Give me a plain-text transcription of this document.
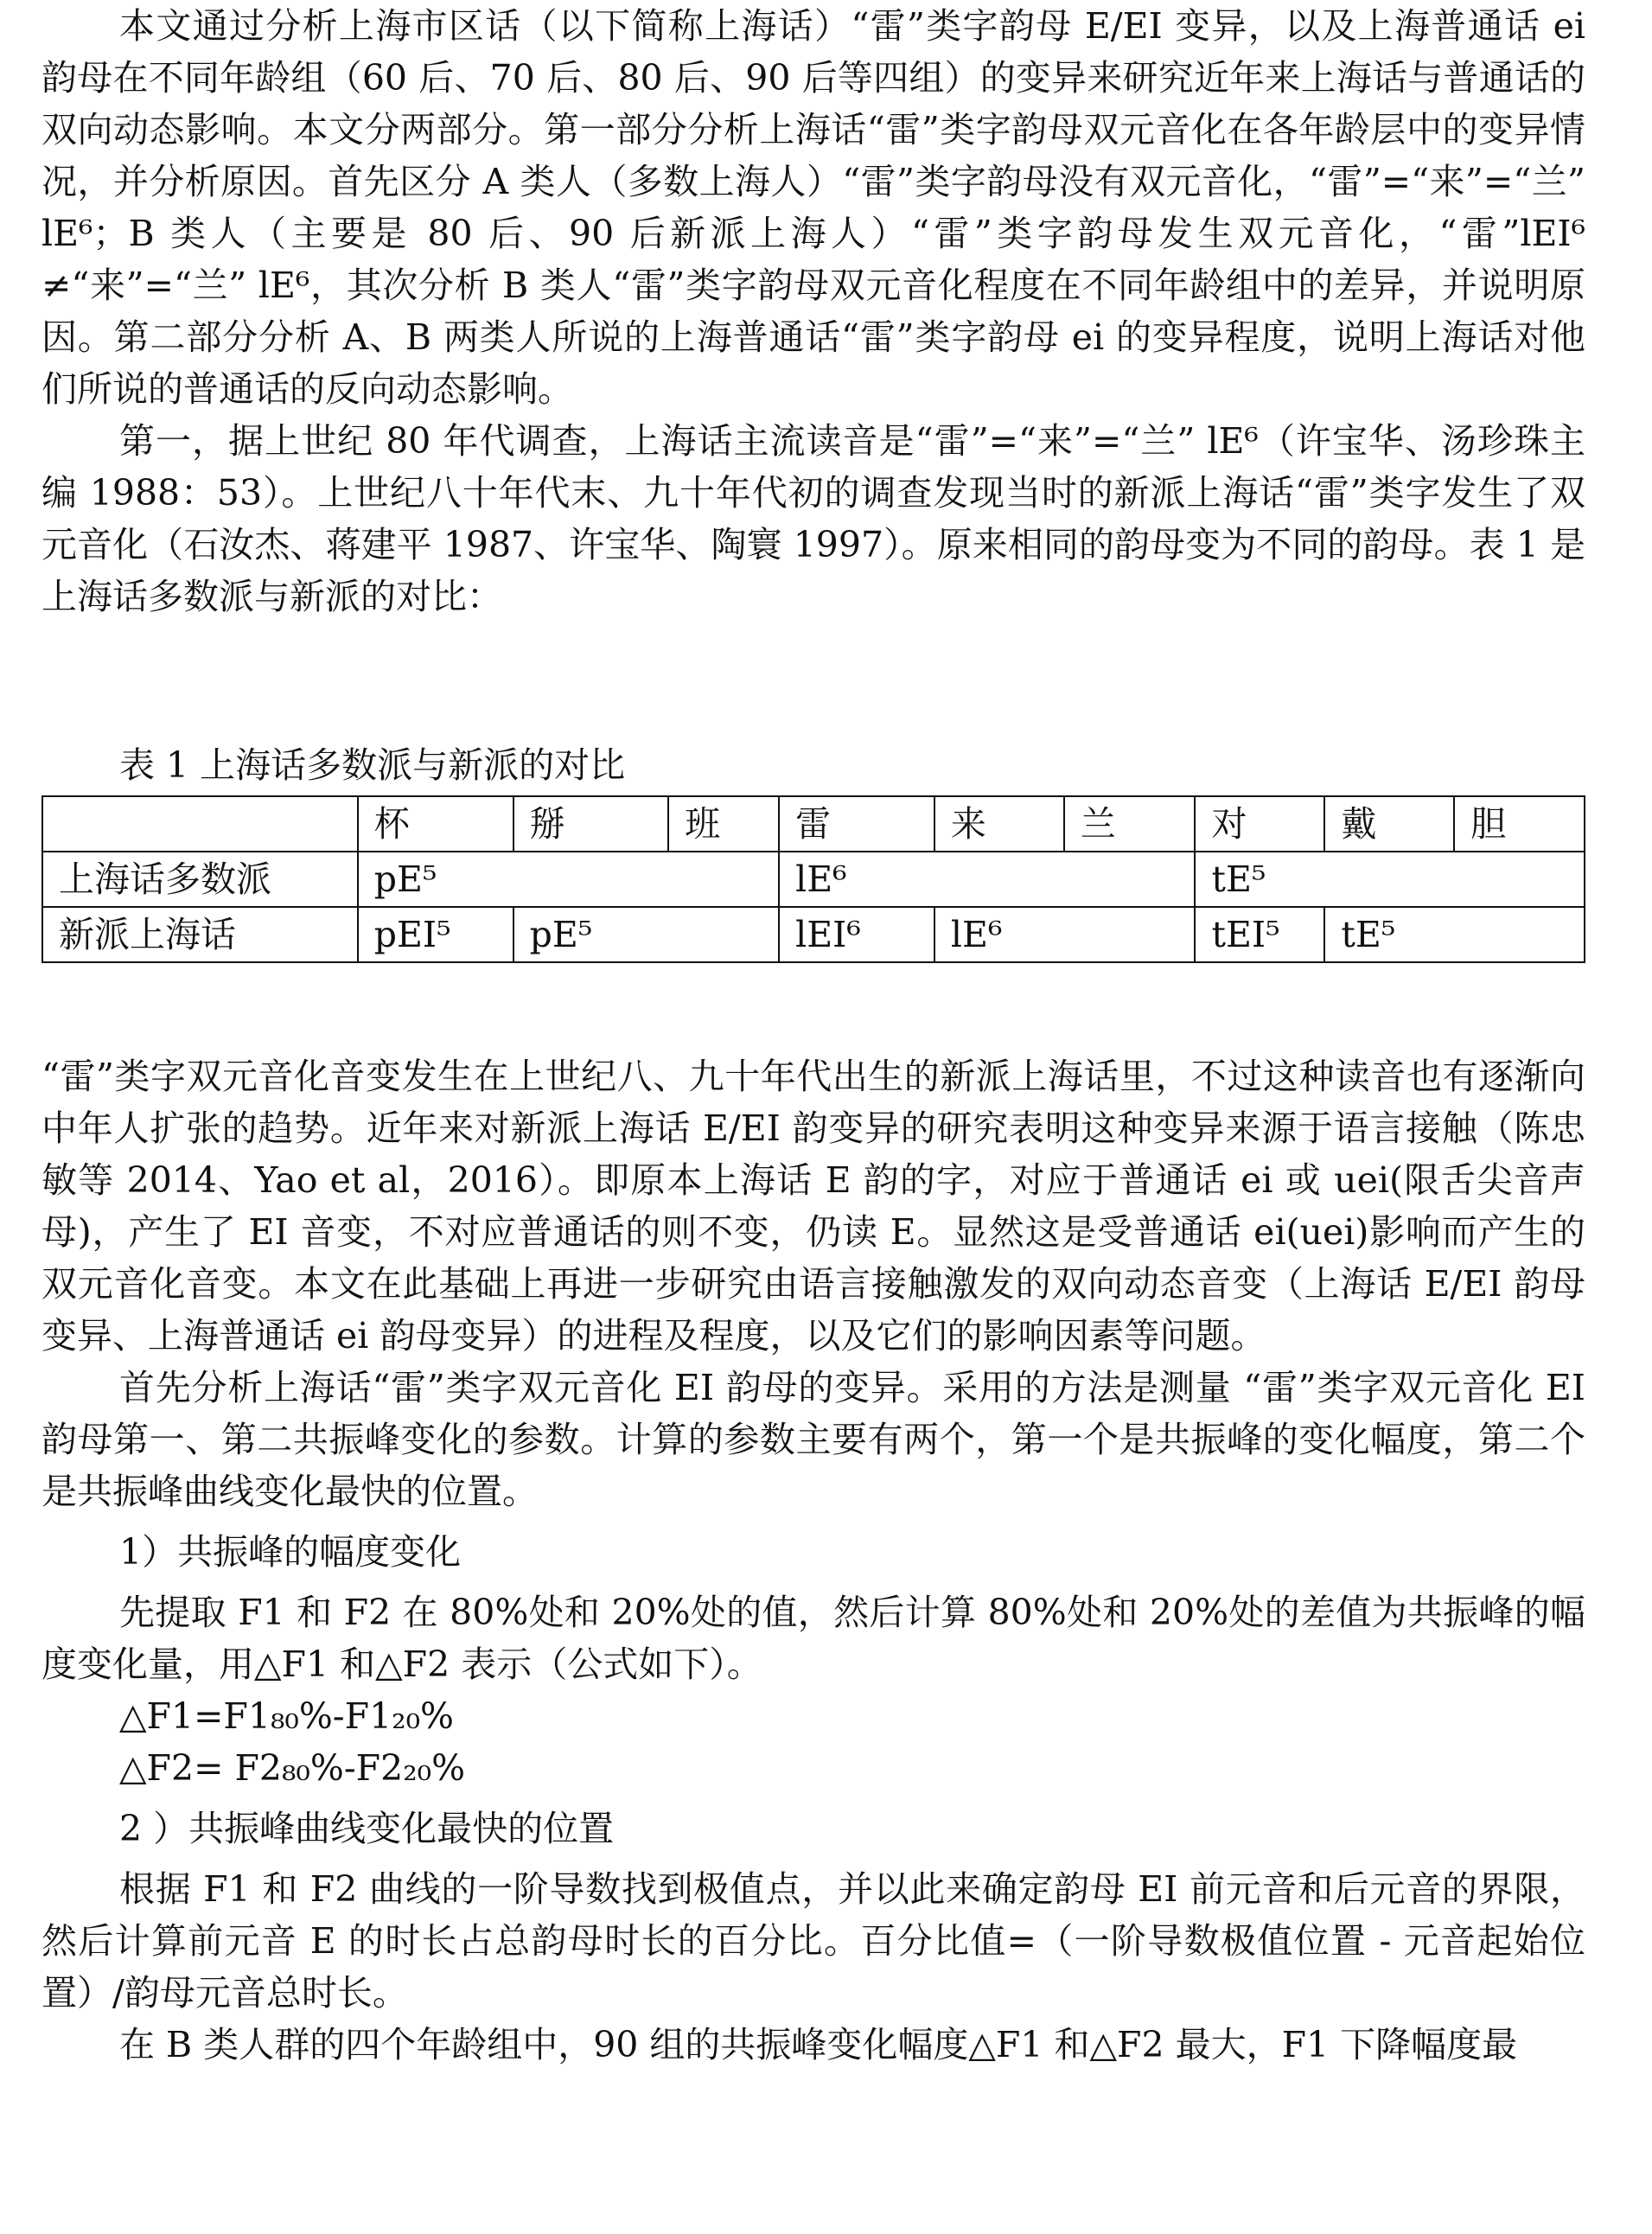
本文通过分析上海市区话（以下简称上海话）“雷”类字韵母 E/EI 变异，以及上海普通话 ei 韵母在不同年龄组（60 后、70 后、80 后、90 后等四组）的变异来研究近年来上海话与普通话的双向动态影响。本文分两部分。第一部分分析上海话“雷”类字韵母双元音化在各年龄层中的变异情况，并分析原因。首先区分 A 类人（多数上海人）“雷”类字韵母没有双元音化，“雷”=“来”=“兰” lE⁶；B 类人（主要是 80 后、90 后新派上海人）“雷”类字韵母发生双元音化，“雷”lEI⁶ ≠“来”=“兰” lE⁶，其次分析 B 类人“雷”类字韵母双元音化程度在不同年龄组中的差异，并说明原因。第二部分分析 A、B 两类人所说的上海普通话“雷”类字韵母 ei 的变异程度，说明上海话对他们所说的普通话的反向动态影响。

第一，据上世纪 80 年代调查，上海话主流读音是“雷”=“来”=“兰” lE⁶（许宝华、汤珍珠主编 1988：53）。上世纪八十年代末、九十年代初的调查发现当时的新派上海话“雷”类字发生了双元音化（石汝杰、蒋建平 1987、许宝华、陶寰 1997）。原来相同的韵母变为不同的韵母。表 1 是上海话多数派与新派的对比：

表 1 上海话多数派与新派的对比
	杯	掰	班	雷	来	兰	对	戴	胆
上海话多数派	pE⁵			lE⁶			tE⁵		
新派上海话	pEI⁵	pE⁵		lEI⁶	lE⁶		tEI⁵	tE⁵	

“雷”类字双元音化音变发生在上世纪八、九十年代出生的新派上海话里，不过这种读音也有逐渐向中年人扩张的趋势。近年来对新派上海话 E/EI 韵变异的研究表明这种变异来源于语言接触（陈忠敏等 2014、Yao et al，2016）。即原本上海话 E 韵的字，对应于普通话 ei 或 uei(限舌尖音声母)，产生了 EI 音变，不对应普通话的则不变，仍读 E。显然这是受普通话 ei(uei)影响而产生的双元音化音变。本文在此基础上再进一步研究由语言接触激发的双向动态音变（上海话 E/EI 韵母变异、上海普通话 ei 韵母变异）的进程及程度，以及它们的影响因素等问题。

首先分析上海话“雷”类字双元音化 EI 韵母的变异。采用的方法是测量 “雷”类字双元音化 EI 韵母第一、第二共振峰变化的参数。计算的参数主要有两个，第一个是共振峰的变化幅度，第二个是共振峰曲线变化最快的位置。

1）共振峰的幅度变化

先提取 F1 和 F2 在 80%处和 20%处的值，然后计算 80%处和 20%处的差值为共振峰的幅度变化量，用△F1 和△F2 表示（公式如下）。

△F1=F1₈₀%-F1₂₀%

△F2= F2₈₀%-F2₂₀%

2 ）共振峰曲线变化最快的位置

根据 F1 和 F2 曲线的一阶导数找到极值点，并以此来确定韵母 EI 前元音和后元音的界限，然后计算前元音 E 的时长占总韵母时长的百分比。百分比值=（一阶导数极值位置 - 元音起始位置）/韵母元音总时长。

在 B 类人群的四个年龄组中，90 组的共振峰变化幅度△F1 和△F2 最大，F1 下降幅度最
